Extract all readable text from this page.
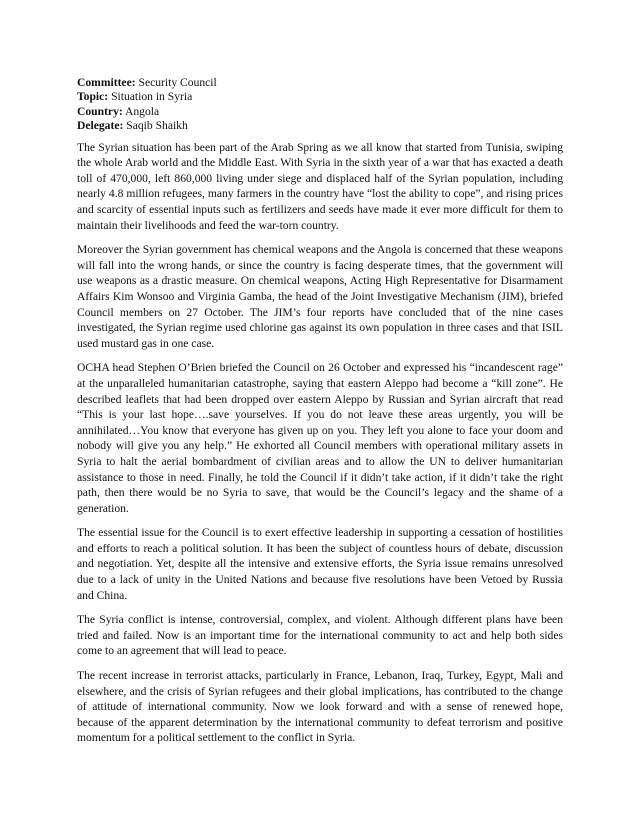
Committee: Security Council
Topic: Situation in Syria
Country: Angola
Delegate: Saqib Shaikh

The Syrian situation has been part of the Arab Spring as we all know that started from Tunisia, swiping the whole Arab world and the Middle East. With Syria in the sixth year of a war that has exacted a death toll of 470,000, left 860,000 living under siege and displaced half of the Syrian population, including nearly 4.8 million refugees, many farmers in the country have “lost the ability to cope”, and rising prices and scarcity of essential inputs such as fertilizers and seeds have made it ever more difficult for them to maintain their livelihoods and feed the war-torn country.

Moreover the Syrian government has chemical weapons and the Angola is concerned that these weapons will fall into the wrong hands, or since the country is facing desperate times, that the government will use weapons as a drastic measure. On chemical weapons, Acting High Representative for Disarmament Affairs Kim Wonsoo and Virginia Gamba, the head of the Joint Investigative Mechanism (JIM), briefed Council members on 27 October. The JIM’s four reports have concluded that of the nine cases investigated, the Syrian regime used chlorine gas against its own population in three cases and that ISIL used mustard gas in one case.

OCHA head Stephen O’Brien briefed the Council on 26 October and expressed his “incandescent rage” at the unparalleled humanitarian catastrophe, saying that eastern Aleppo had become a “kill zone”. He described leaflets that had been dropped over eastern Aleppo by Russian and Syrian aircraft that read “This is your last hope….save yourselves. If you do not leave these areas urgently, you will be annihilated…You know that everyone has given up on you. They left you alone to face your doom and nobody will give you any help.” He exhorted all Council members with operational military assets in Syria to halt the aerial bombardment of civilian areas and to allow the UN to deliver humanitarian assistance to those in need. Finally, he told the Council if it didn’t take action, if it didn’t take the right path, then there would be no Syria to save, that would be the Council’s legacy and the shame of a generation.

The essential issue for the Council is to exert effective leadership in supporting a cessation of hostilities and efforts to reach a political solution. It has been the subject of countless hours of debate, discussion and negotiation. Yet, despite all the intensive and extensive efforts, the Syria issue remains unresolved due to a lack of unity in the United Nations and because five resolutions have been Vetoed by Russia and China.

The Syria conflict is intense, controversial, complex, and violent. Although different plans have been tried and failed. Now is an important time for the international community to act and help both sides come to an agreement that will lead to peace.

The recent increase in terrorist attacks, particularly in France, Lebanon, Iraq, Turkey, Egypt, Mali and elsewhere, and the crisis of Syrian refugees and their global implications, has contributed to the change of attitude of international community. Now we look forward and with a sense of renewed hope, because of the apparent determination by the international community to defeat terrorism and positive momentum for a political settlement to the conflict in Syria.
